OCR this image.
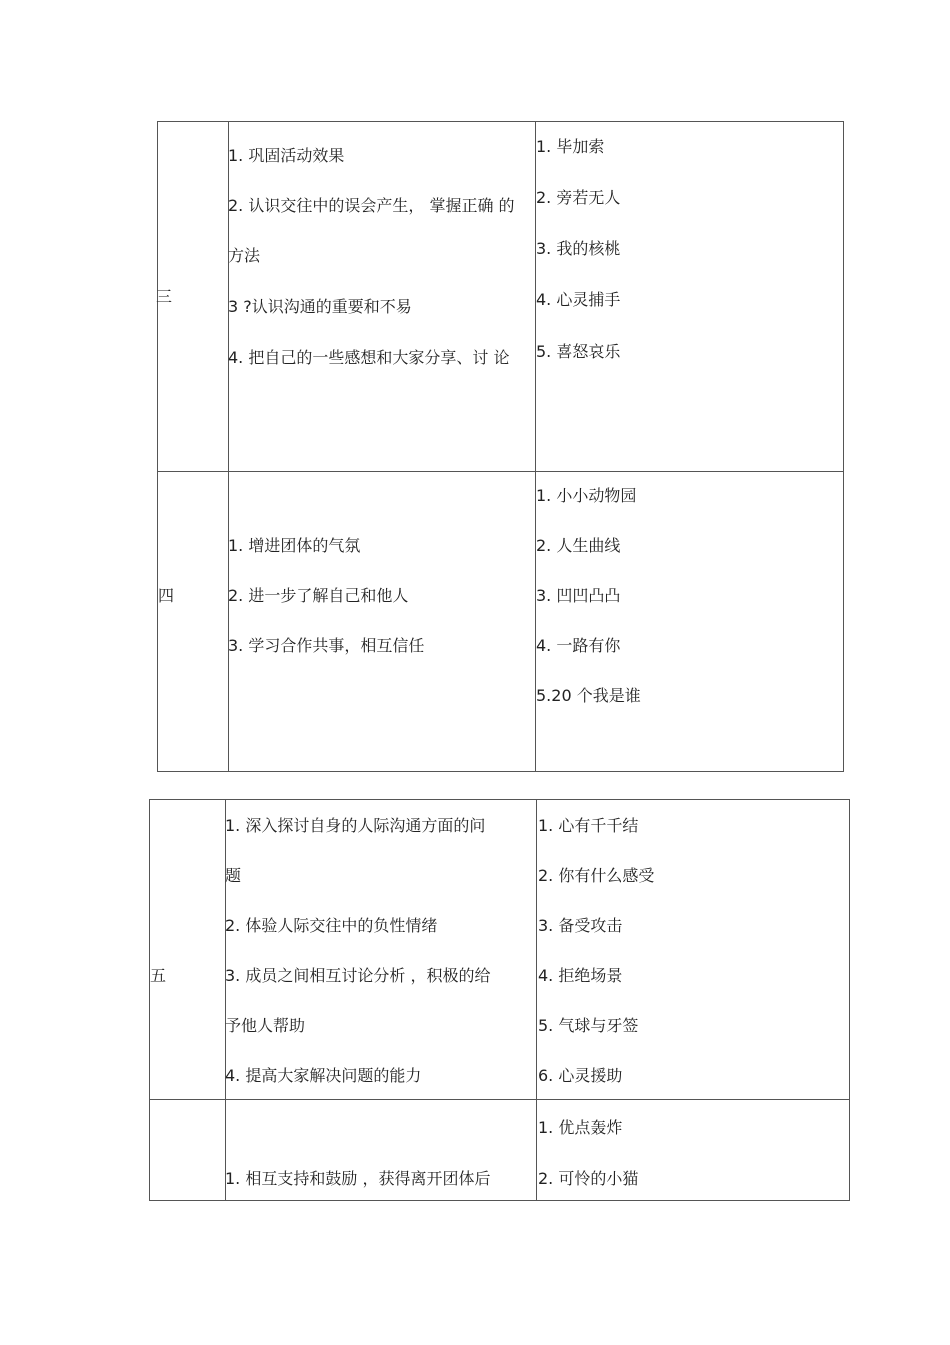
三
1. 巩固活动效果
2. 认识交往中的误会产生， 掌握正确 的
方法
3 ?认识沟通的重要和不易
4. 把自己的一些感想和大家分享、讨 论
1. 毕加索
2. 旁若无人
3. 我的核桃
4. 心灵捕手
5. 喜怒哀乐
四
1. 增进团体的气氛
2. 进一步了解自己和他人
3. 学习合作共事，相互信任
1. 小小动物园
2. 人生曲线
3. 凹凹凸凸
4. 一路有你
5.20 个我是谁
五
1. 深入探讨自身的人际沟通方面的问
题
2. 体验人际交往中的负性情绪
3. 成员之间相互讨论分析 ，积极的给
予他人帮助
4. 提高大家解决问题的能力
1. 心有千千结
2. 你有什么感受
3. 备受攻击
4. 拒绝场景
5. 气球与牙签
6. 心灵援助
1. 相互支持和鼓励 ，获得离开团体后
1. 优点轰炸
2. 可怜的小猫
